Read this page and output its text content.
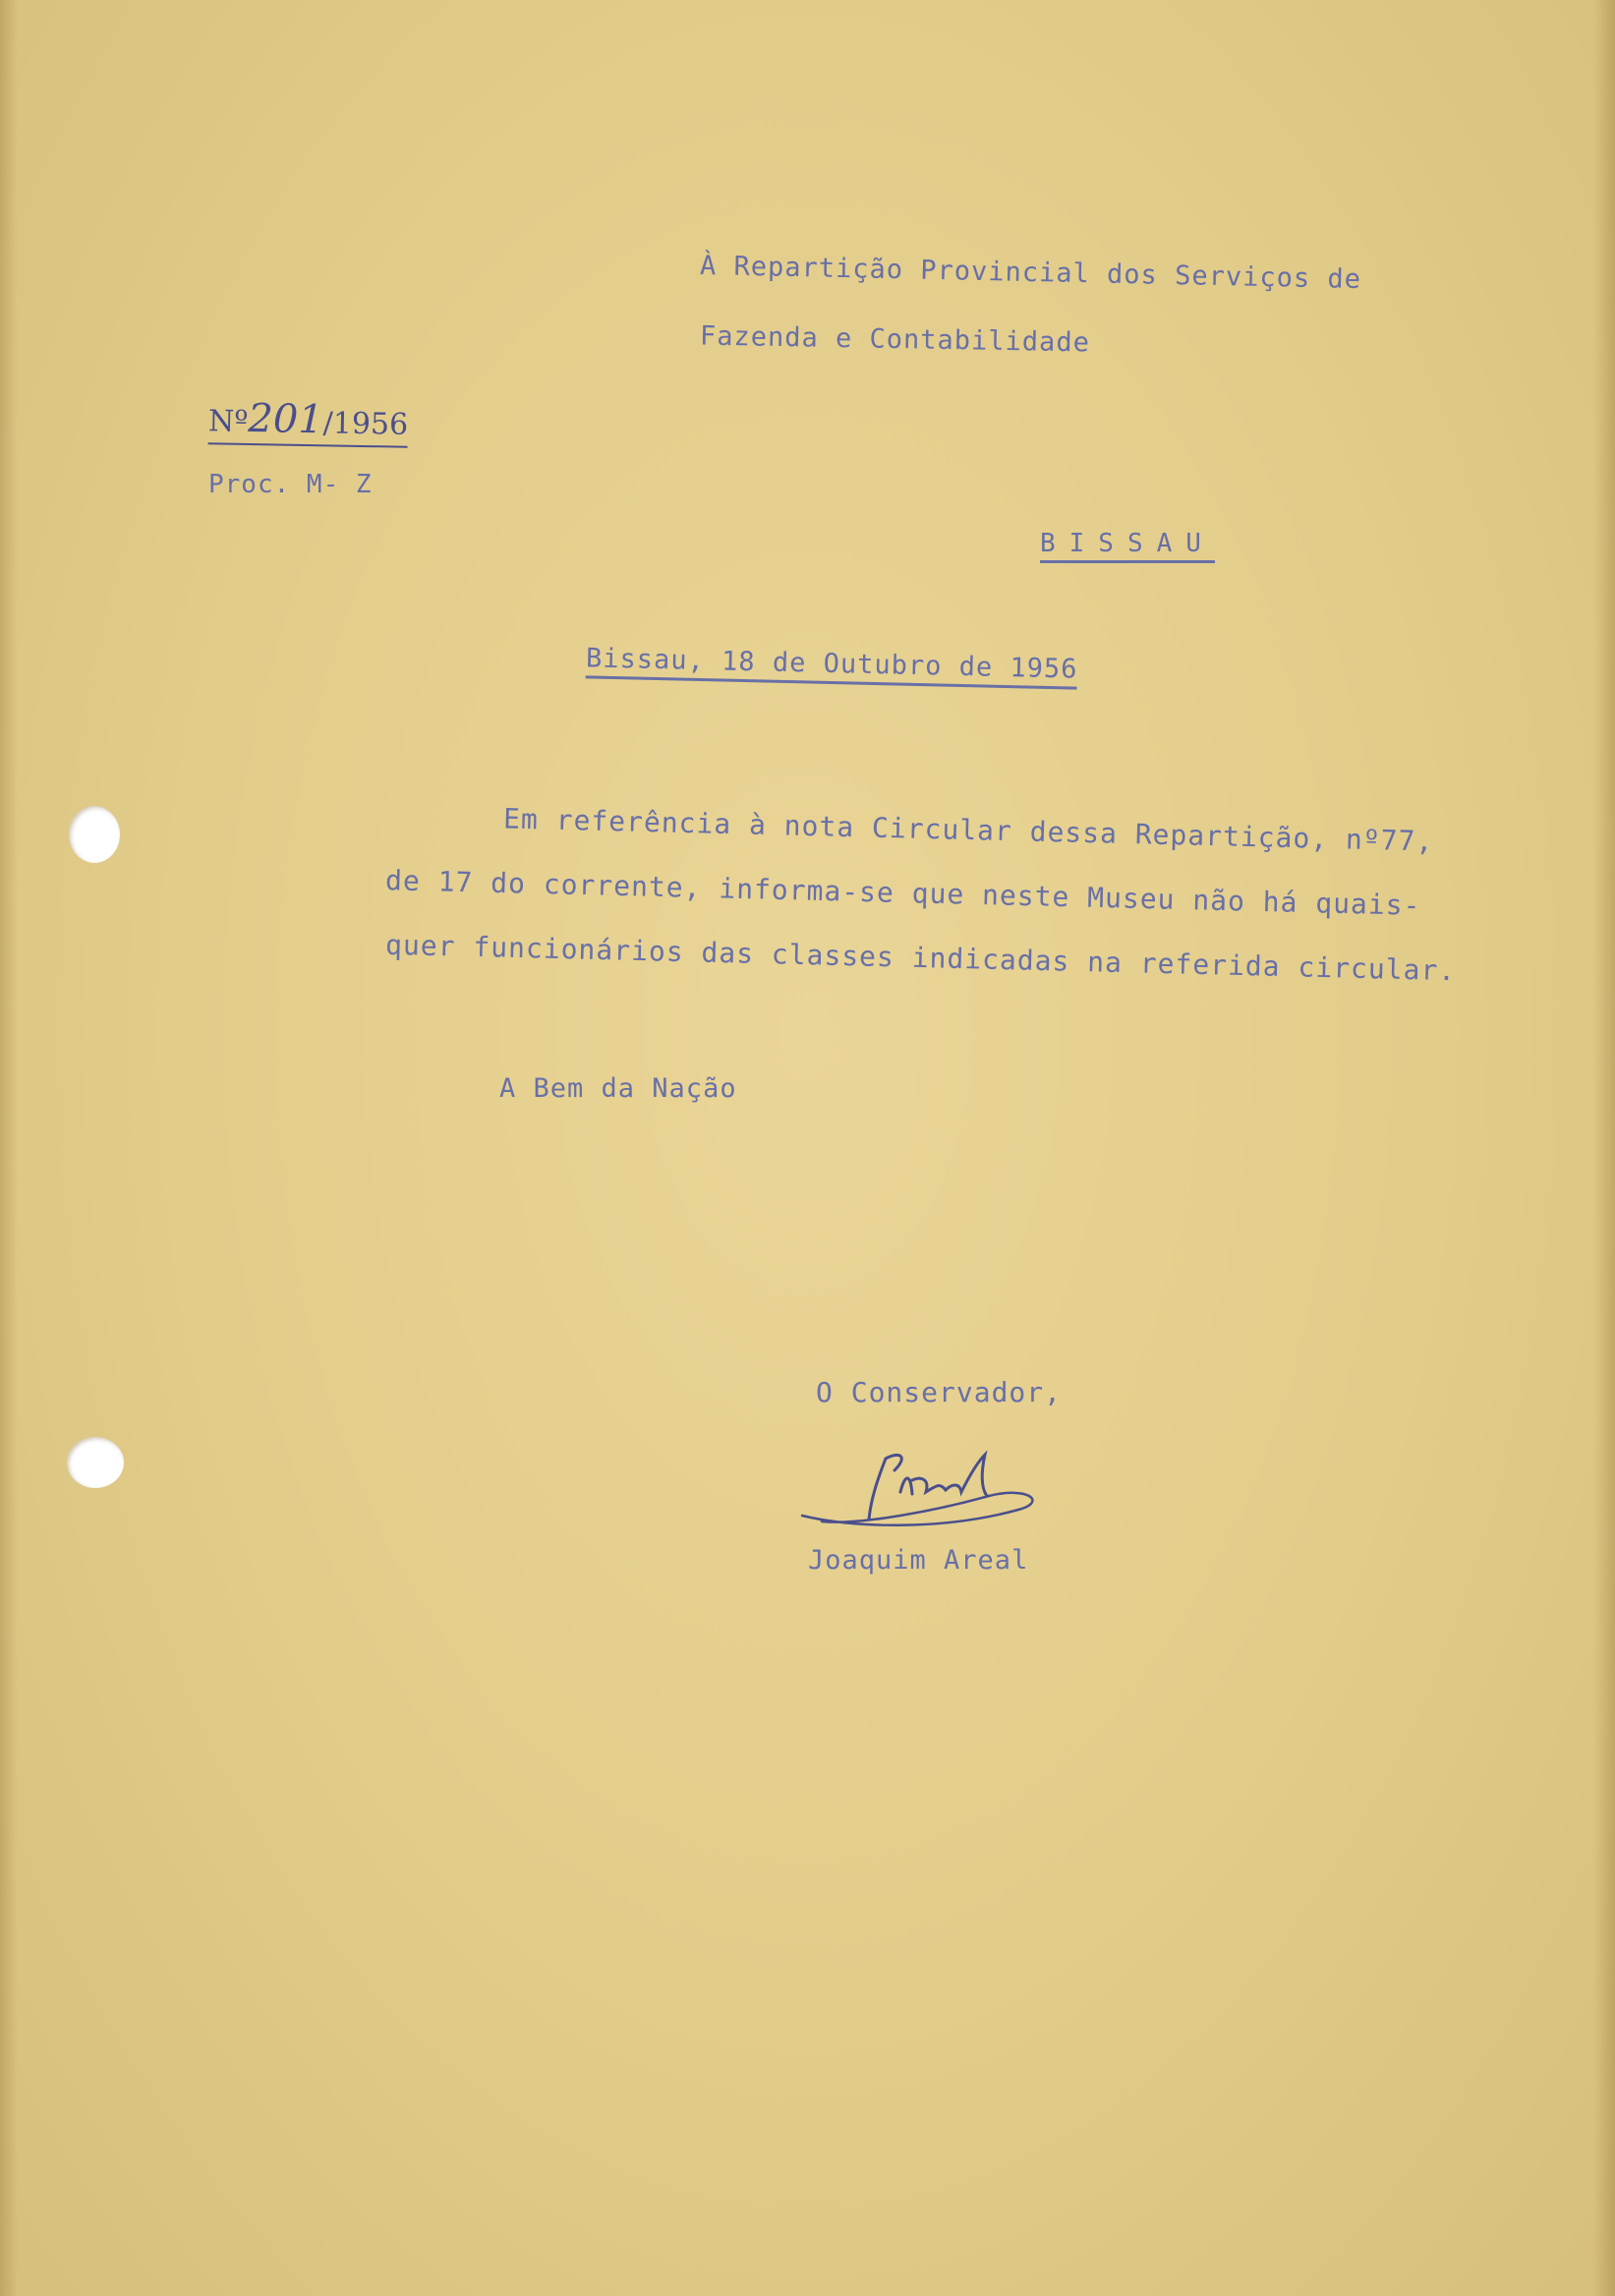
À Repartição Provincial dos Serviços de
Fazenda e Contabilidade
Nº201/1956
Proc. M- Z
BISSAU
Bissau, 18 de Outubro de 1956
Em referência à nota Circular dessa Repartição, nº77,
de 17 do corrente, informa-se que neste Museu não há quais-
quer funcionários das classes indicadas na referida circular.
A Bem da Nação
O Conservador,
Joaquim Areal
